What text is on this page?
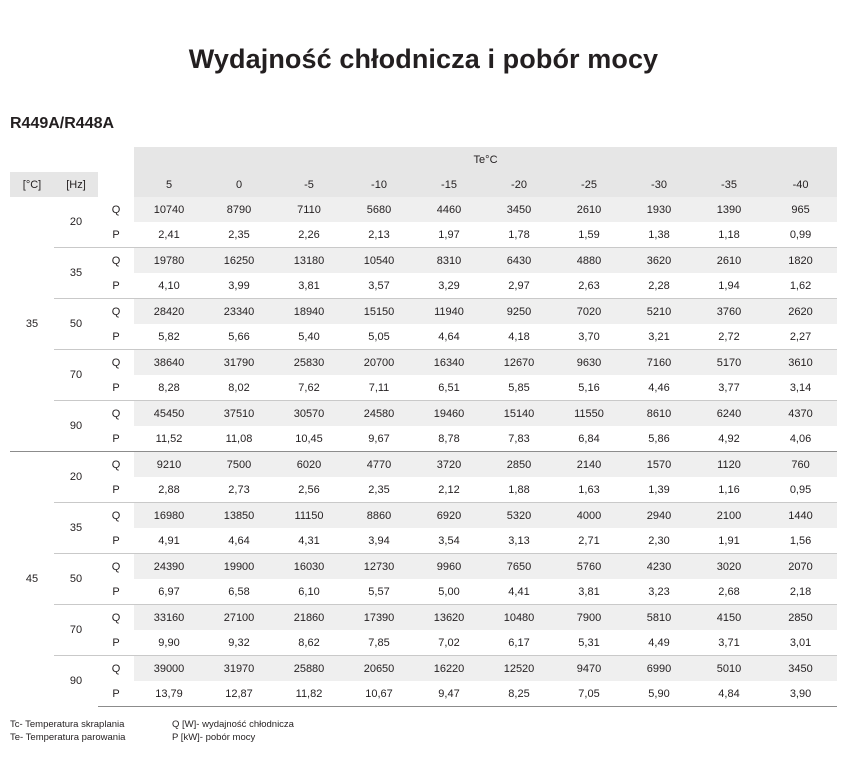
Wydajność chłodnicza i pobór mocy
R449A/R448A
			Te°C									
[°C]	[Hz]		5	0	-5	-10	-15	-20	-25	-30	-35	-40
35	20	Q	10740	8790	7110	5680	4460	3450	2610	1930	1390	965
		P	2,41	2,35	2,26	2,13	1,97	1,78	1,59	1,38	1,18	0,99
	35	Q	19780	16250	13180	10540	8310	6430	4880	3620	2610	1820
		P	4,10	3,99	3,81	3,57	3,29	2,97	2,63	2,28	1,94	1,62
	50	Q	28420	23340	18940	15150	11940	9250	7020	5210	3760	2620
		P	5,82	5,66	5,40	5,05	4,64	4,18	3,70	3,21	2,72	2,27
	70	Q	38640	31790	25830	20700	16340	12670	9630	7160	5170	3610
		P	8,28	8,02	7,62	7,11	6,51	5,85	5,16	4,46	3,77	3,14
	90	Q	45450	37510	30570	24580	19460	15140	11550	8610	6240	4370
		P	11,52	11,08	10,45	9,67	8,78	7,83	6,84	5,86	4,92	4,06
45	20	Q	9210	7500	6020	4770	3720	2850	2140	1570	1120	760
		P	2,88	2,73	2,56	2,35	2,12	1,88	1,63	1,39	1,16	0,95
	35	Q	16980	13850	11150	8860	6920	5320	4000	2940	2100	1440
		P	4,91	4,64	4,31	3,94	3,54	3,13	2,71	2,30	1,91	1,56
	50	Q	24390	19900	16030	12730	9960	7650	5760	4230	3020	2070
		P	6,97	6,58	6,10	5,57	5,00	4,41	3,81	3,23	2,68	2,18
	70	Q	33160	27100	21860	17390	13620	10480	7900	5810	4150	2850
		P	9,90	9,32	8,62	7,85	7,02	6,17	5,31	4,49	3,71	3,01
	90	Q	39000	31970	25880	20650	16220	12520	9470	6990	5010	3450
		P	13,79	12,87	11,82	10,67	9,47	8,25	7,05	5,90	4,84	3,90
Tc- Temperatura skraplania
Te- Temperatura parowaniaQ [W]- wydajność chłodnicza
P [kW]- pobór mocy
